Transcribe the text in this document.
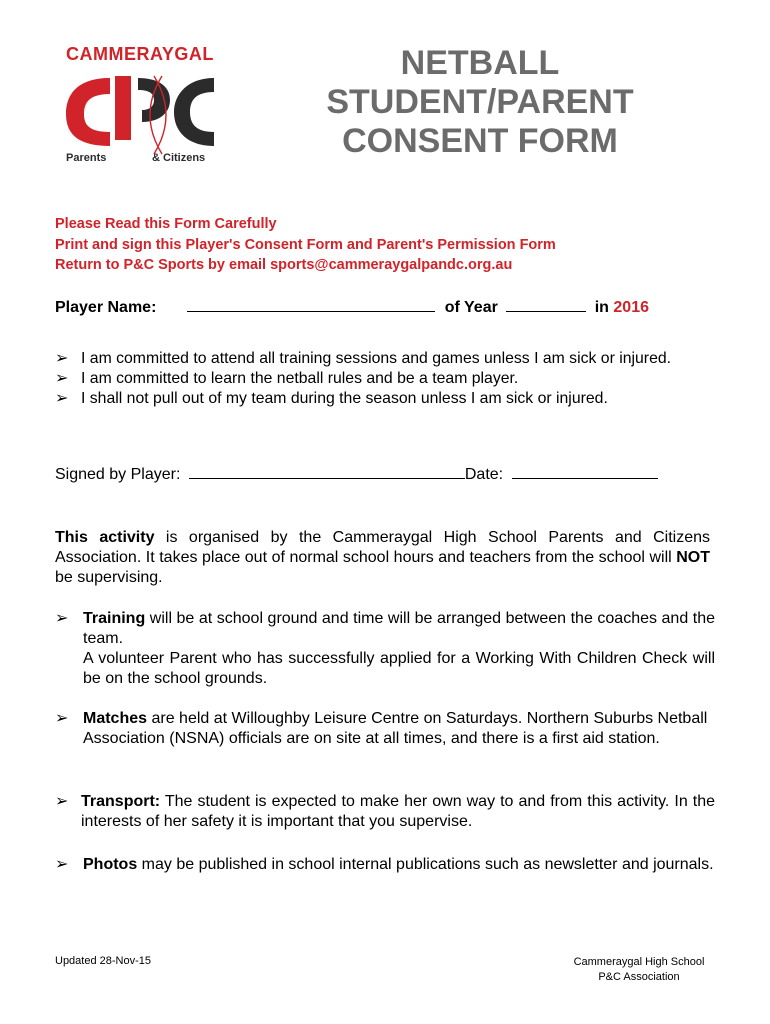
CAMMERAYGAL
Parents	& Citizens
NETBALL
STUDENT/PARENT
CONSENT FORM
Please Read this Form Carefully
Print and sign this Player's Consent Form and Parent's Permission Form
Return to P&C Sports by email sports@cammeraygalpandc.org.au
Player Name:	of Year	in 2016
➢ I am committed to attend all training sessions and games unless I am sick or injured.
➢ I am committed to learn the netball rules and be a team player.
➢ I shall not pull out of my team during the season unless I am sick or injured.
Signed by Player:	Date:
This activity is organised by the Cammeraygal High School Parents and Citizens Association. It takes place out of normal school hours and teachers from the school will NOT be supervising.
➢ Training will be at school ground and time will be arranged between the coaches and the team.
A volunteer Parent who has successfully applied for a Working With Children Check will be on the school grounds.
➢ Matches are held at Willoughby Leisure Centre on Saturdays. Northern Suburbs Netball Association (NSNA) officials are on site at all times, and there is a first aid station.
➢ Transport: The student is expected to make her own way to and from this activity. In the interests of her safety it is important that you supervise.
➢ Photos may be published in school internal publications such as newsletter and journals.
Updated 28-Nov-15	Cammeraygal High School
P&C Association
